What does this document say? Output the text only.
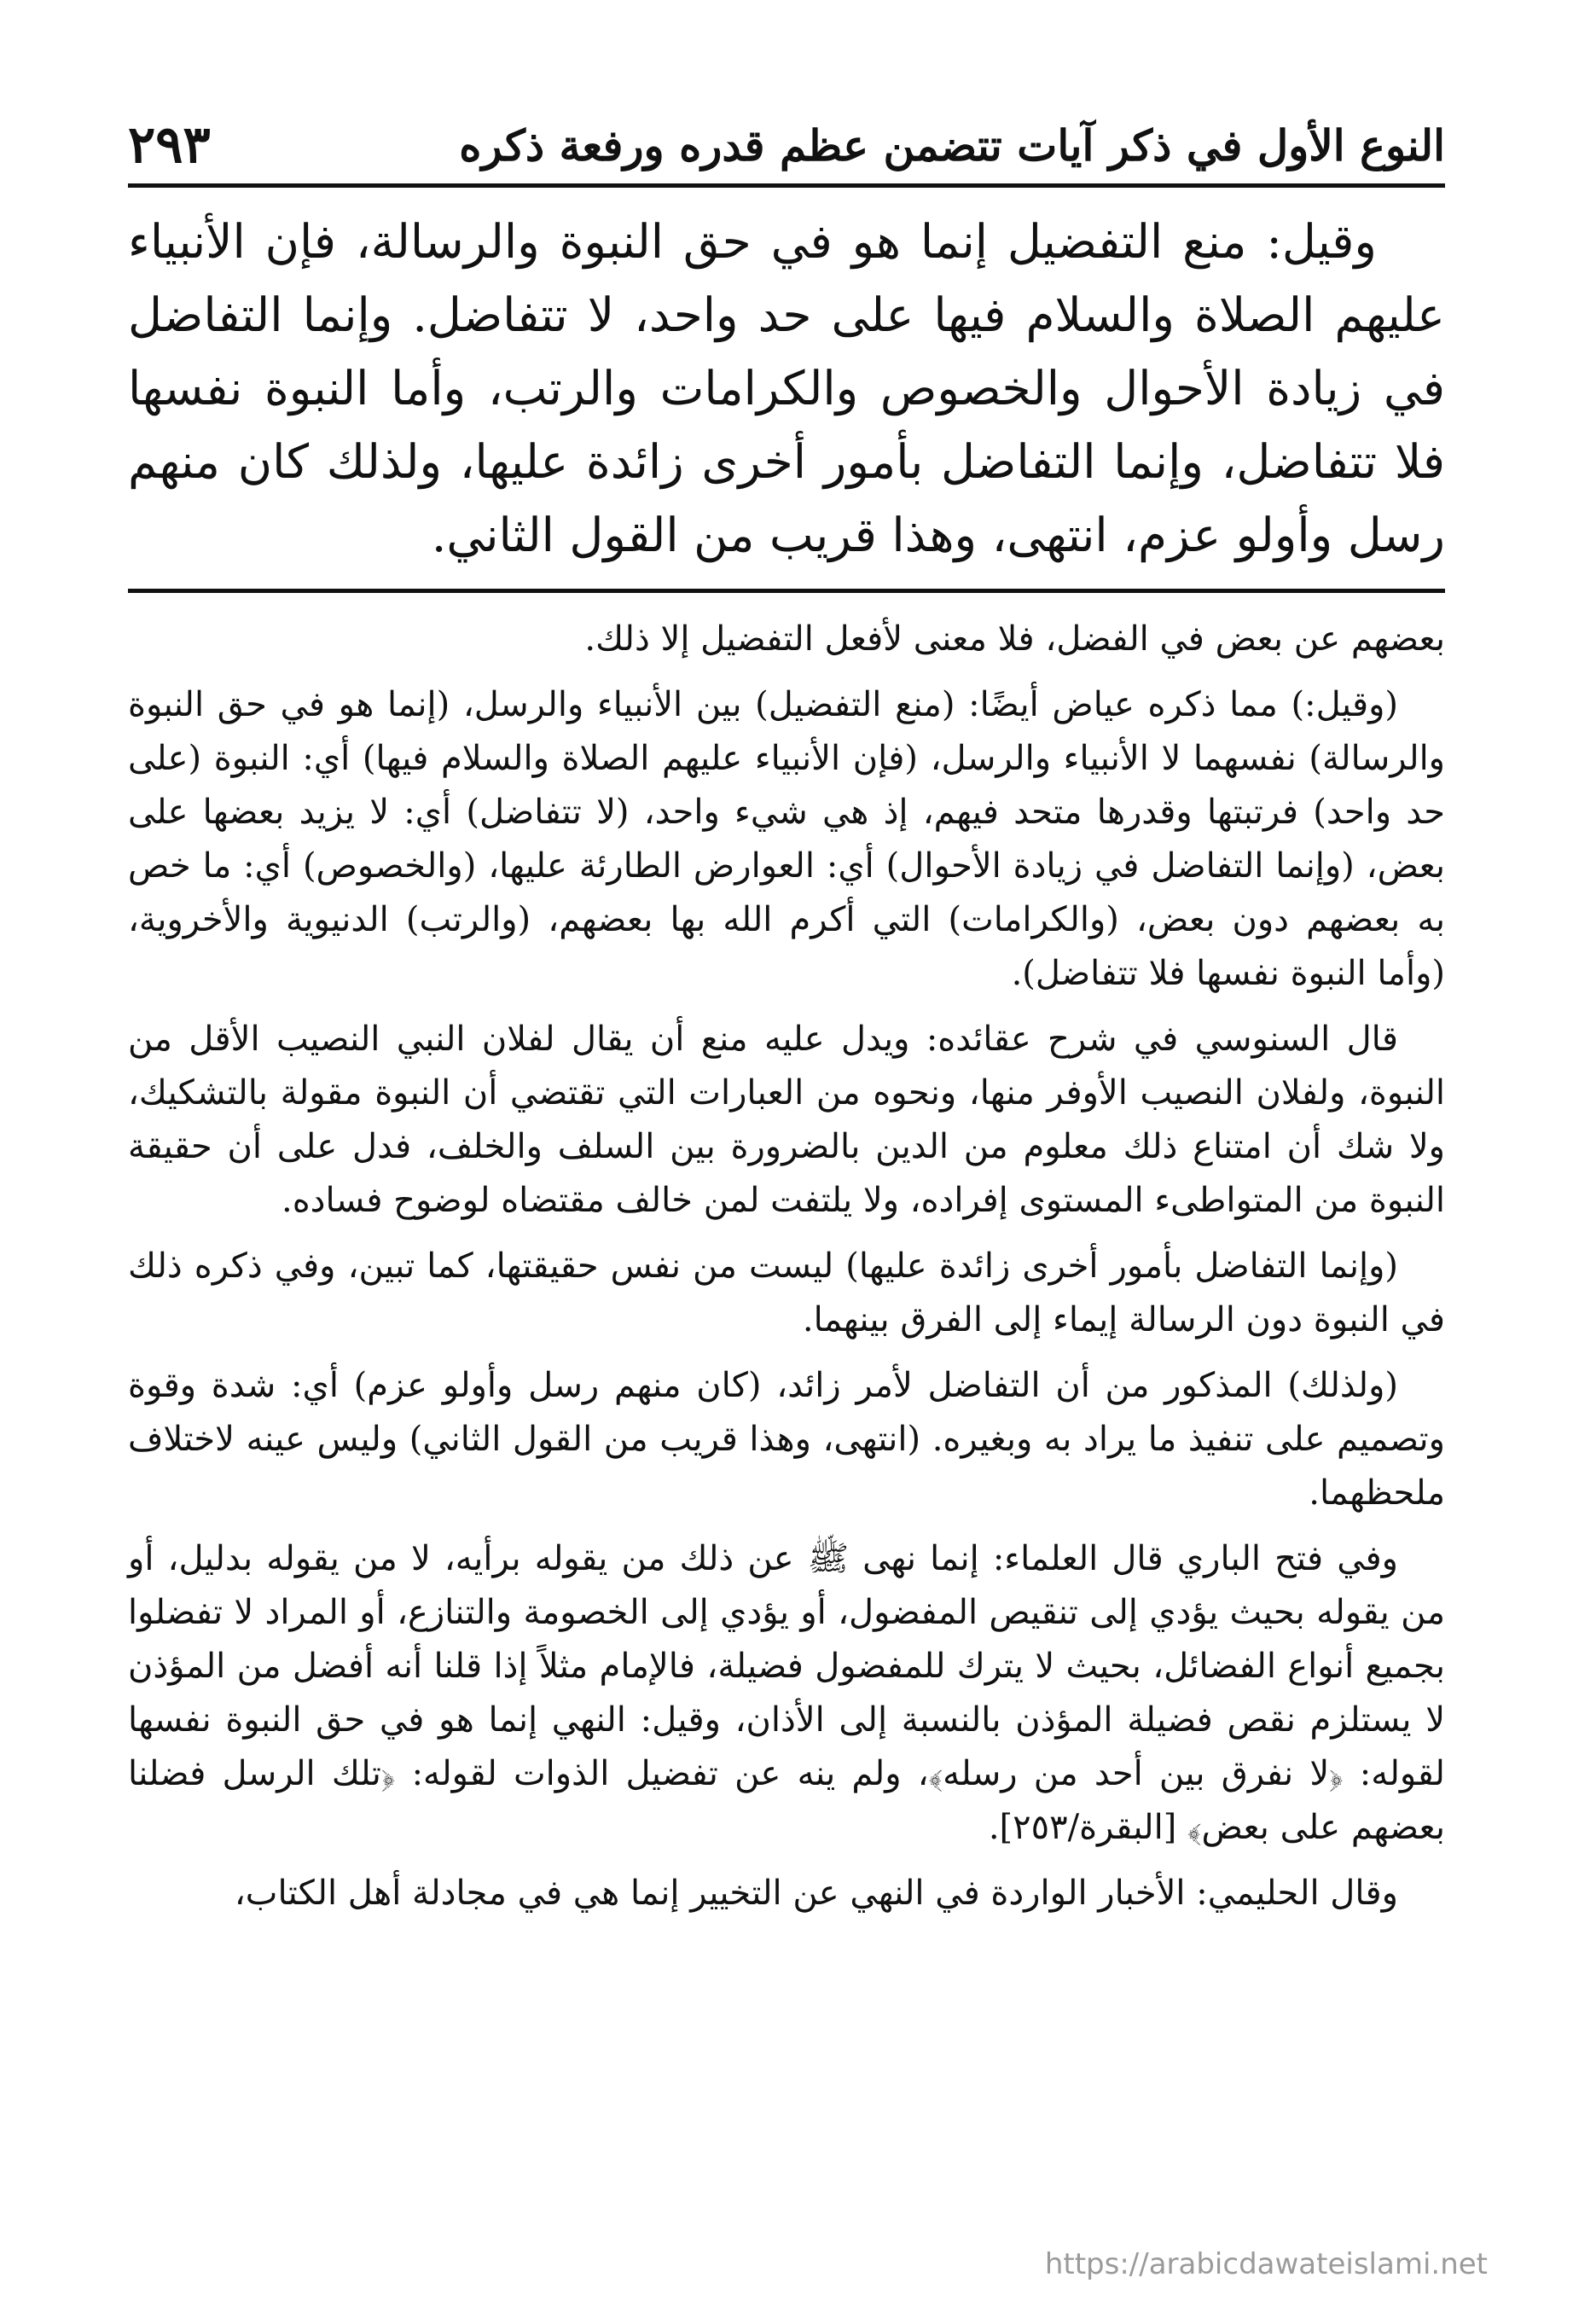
النوع الأول في ذكر آيات تتضمن عظم قدره ورفعة ذكره
٢٩٣

وقيل: منع التفضيل إنما هو في حق النبوة والرسالة، فإن الأنبياء عليهم الصلاة والسلام فيها على حد واحد، لا تتفاضل. وإنما التفاضل في زيادة الأحوال والخصوص والكرامات والرتب، وأما النبوة نفسها فلا تتفاضل، وإنما التفاضل بأمور أخرى زائدة عليها، ولذلك كان منهم رسل وأولو عزم، انتهى، وهذا قريب من القول الثاني.

بعضهم عن بعض في الفضل، فلا معنى لأفعل التفضيل إلا ذلك.

(وقيل:) مما ذكره عياض أيضًا: (منع التفضيل) بين الأنبياء والرسل، (إنما هو في حق النبوة والرسالة) نفسهما لا الأنبياء والرسل، (فإن الأنبياء عليهم الصلاة والسلام فيها) أي: النبوة (على حد واحد) فرتبتها وقدرها متحد فيهم، إذ هي شيء واحد، (لا تتفاضل) أي: لا يزيد بعضها على بعض، (وإنما التفاضل في زيادة الأحوال) أي: العوارض الطارئة عليها، (والخصوص) أي: ما خص به بعضهم دون بعض، (والكرامات) التي أكرم الله بها بعضهم، (والرتب) الدنيوية والأخروية، (وأما النبوة نفسها فلا تتفاضل).

قال السنوسي في شرح عقائده: ويدل عليه منع أن يقال لفلان النبي النصيب الأقل من النبوة، ولفلان النصيب الأوفر منها، ونحوه من العبارات التي تقتضي أن النبوة مقولة بالتشكيك، ولا شك أن امتناع ذلك معلوم من الدين بالضرورة بين السلف والخلف، فدل على أن حقيقة النبوة من المتواطىء المستوى إفراده، ولا يلتفت لمن خالف مقتضاه لوضوح فساده.

(وإنما التفاضل بأمور أخرى زائدة عليها) ليست من نفس حقيقتها، كما تبين، وفي ذكره ذلك في النبوة دون الرسالة إيماء إلى الفرق بينهما.

(ولذلك) المذكور من أن التفاضل لأمر زائد، (كان منهم رسل وأولو عزم) أي: شدة وقوة وتصميم على تنفيذ ما يراد به وبغيره. (انتهى، وهذا قريب من القول الثاني) وليس عينه لاختلاف ملحظهما.

وفي فتح الباري قال العلماء: إنما نهى ﷺ عن ذلك من يقوله برأيه، لا من يقوله بدليل، أو من يقوله بحيث يؤدي إلى تنقيص المفضول، أو يؤدي إلى الخصومة والتنازع، أو المراد لا تفضلوا بجميع أنواع الفضائل، بحيث لا يترك للمفضول فضيلة، فالإمام مثلاً إذا قلنا أنه أفضل من المؤذن لا يستلزم نقص فضيلة المؤذن بالنسبة إلى الأذان، وقيل: النهي إنما هو في حق النبوة نفسها لقوله: ﴿لا نفرق بين أحد من رسله﴾، ولم ينه عن تفضيل الذوات لقوله: ﴿تلك الرسل فضلنا بعضهم على بعض﴾ [البقرة/٢٥٣].

وقال الحليمي: الأخبار الواردة في النهي عن التخيير إنما هي في مجادلة أهل الكتاب،

https://arabicdawateislami.net
